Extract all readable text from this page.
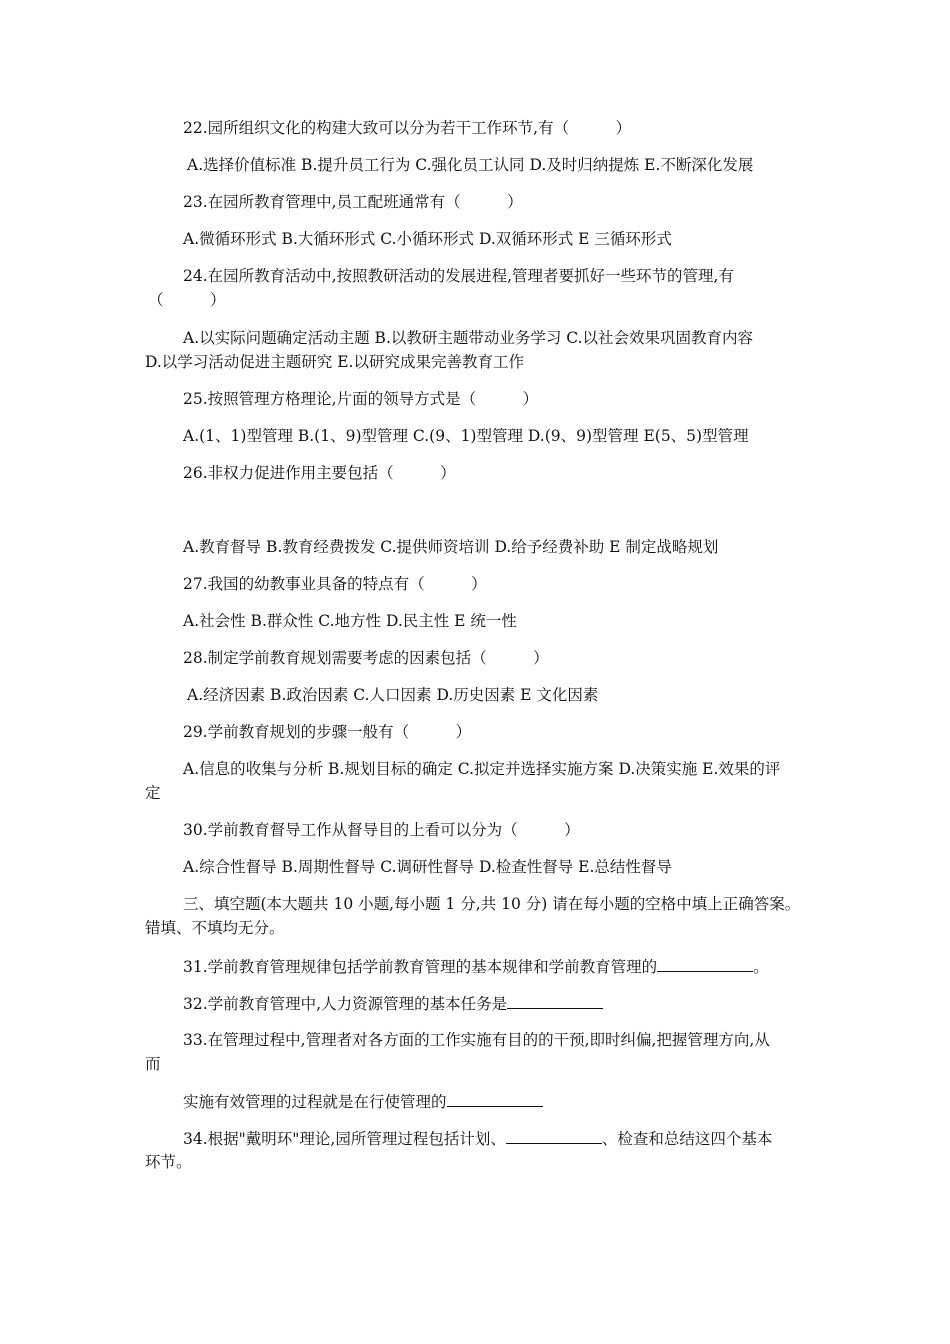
22.园所组织文化的构建大致可以分为若干工作环节,有（　　　）
A.选择价值标准 B.提升员工行为 C.强化员工认同 D.及时归纳提炼 E.不断深化发展
23.在园所教育管理中,员工配班通常有（　　　）
A.微循环形式 B.大循环形式 C.小循环形式 D.双循环形式 E 三循环形式
24.在园所教育活动中,按照教研活动的发展进程,管理者要抓好一些环节的管理,有
（　　　）
A.以实际问题确定活动主题 B.以教研主题带动业务学习 C.以社会效果巩固教育内容
D.以学习活动促进主题研究 E.以研究成果完善教育工作
25.按照管理方格理论,片面的领导方式是（　　　）
A.(1、1)型管理 B.(1、9)型管理 C.(9、1)型管理 D.(9、9)型管理 E(5、5)型管理
26.非权力促进作用主要包括（　　　）
A.教育督导 B.教育经费拨发 C.提供师资培训 D.给予经费补助 E 制定战略规划
27.我国的幼教事业具备的特点有（　　　）
A.社会性 B.群众性 C.地方性 D.民主性 E 统一性
28.制定学前教育规划需要考虑的因素包括（　　　）
A.经济因素 B.政治因素 C.人口因素 D.历史因素 E 文化因素
29.学前教育规划的步骤一般有（　　　）
A.信息的收集与分析 B.规划目标的确定 C.拟定并选择实施方案 D.决策实施 E.效果的评
定
30.学前教育督导工作从督导目的上看可以分为（　　　）
A.综合性督导 B.周期性督导 C.调研性督导 D.检查性督导 E.总结性督导
三、填空题(本大题共 10 小题,每小题 1 分,共 10 分) 请在每小题的空格中填上正确答案。
错填、不填均无分。
31.学前教育管理规律包括学前教育管理的基本规律和学前教育管理的	。
32.学前教育管理中,人力资源管理的基本任务是
33.在管理过程中,管理者对各方面的工作实施有目的的干预,即时纠偏,把握管理方向,从
而
实施有效管理的过程就是在行使管理的
34.根据"戴明环"理论,园所管理过程包括计划、	、检查和总结这四个基本
环节。
